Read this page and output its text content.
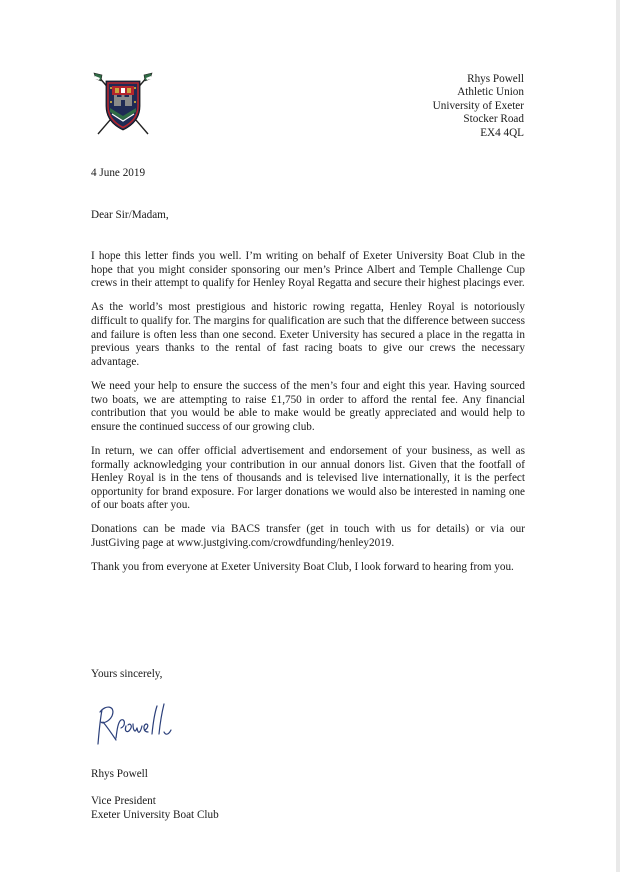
Rhys Powell
Athletic Union
University of Exeter
Stocker Road
EX4 4QL
4 June 2019
Dear Sir/Madam,

I hope this letter finds you well. I’m writing on behalf of Exeter University Boat Club in the hope that you might consider sponsoring our men’s Prince Albert and Temple Challenge Cup crews in their attempt to qualify for Henley Royal Regatta and secure their highest placings ever.

As the world’s most prestigious and historic rowing regatta, Henley Royal is notoriously difficult to qualify for. The margins for qualification are such that the difference between success and failure is often less than one second. Exeter University has secured a place in the regatta in previous years thanks to the rental of fast racing boats to give our crews the necessary advantage.

We need your help to ensure the success of the men’s four and eight this year. Having sourced two boats, we are attempting to raise £1,750 in order to afford the rental fee. Any financial contribution that you would be able to make would be greatly appreciated and would help to ensure the continued success of our growing club.

In return, we can offer official advertisement and endorsement of your business, as well as formally acknowledging your contribution in our annual donors list. Given that the footfall of Henley Royal is in the tens of thousands and is televised live internationally, it is the perfect opportunity for brand exposure. For larger donations we would also be interested in naming one of our boats after you.

Donations can be made via BACS transfer (get in touch with us for details) or via our JustGiving page at www.justgiving.com/crowdfunding/henley2019.

Thank you from everyone at Exeter University Boat Club, I look forward to hearing from you.

Yours sincerely,
Rhys Powell
Vice President
Exeter University Boat Club
